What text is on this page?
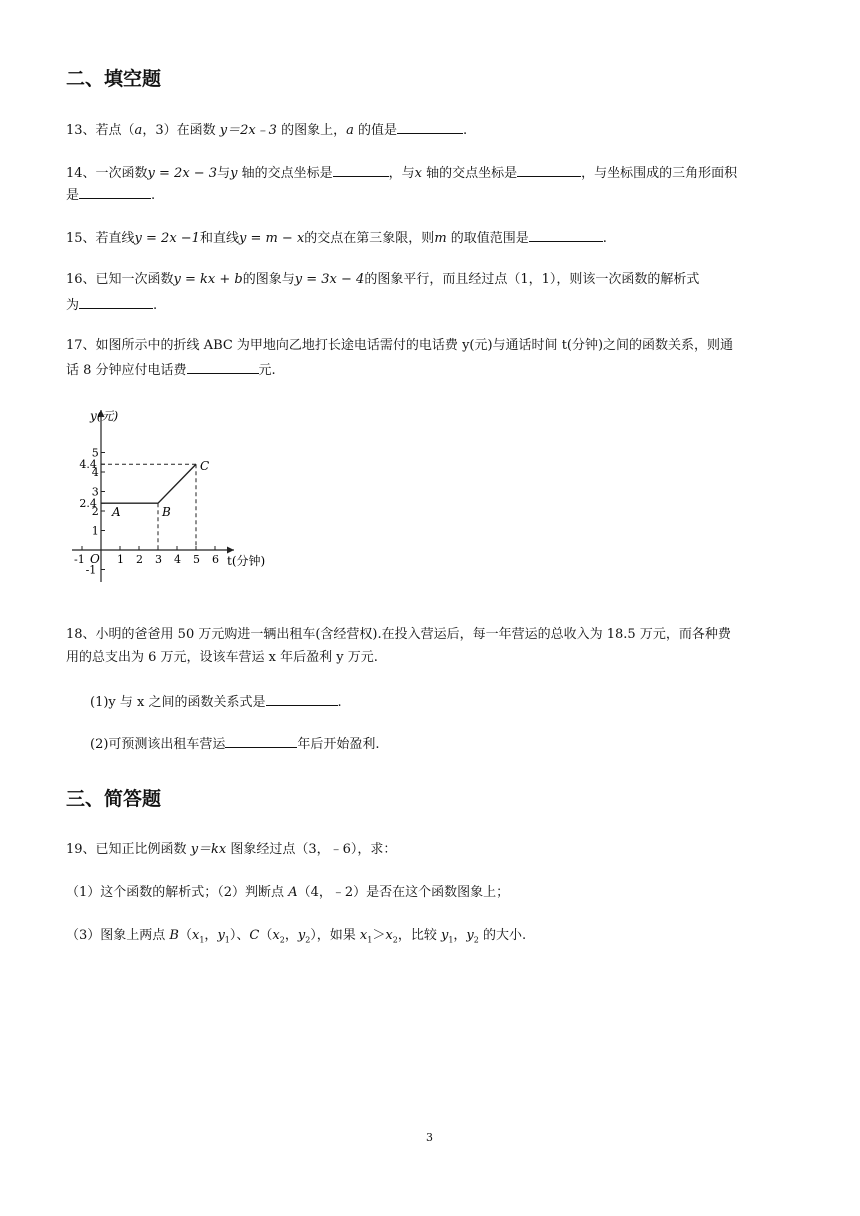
二、填空题
13、若点（a，3）在函数 y＝2x﹣3 的图象上，a 的值是	.
14、一次函数y = 2x − 3与y 轴的交点坐标是	，与x 轴的交点坐标是	，与坐标围成的三角形面积
是	.
15、若直线y = 2x −1和直线y = m − x的交点在第三象限，则m 的取值范围是	.
16、已知一次函数y = kx + b的图象与y = 3x − 4的图象平行，而且经过点（1，1），则该一次函数的解析式
为	.
17、如图所示中的折线 ABC 为甲地向乙地打长途电话需付的电话费 y(元)与通话时间 t(分钟)之间的函数关系，则通
话 8 分钟应付电话费	元.
-1	1 2 3 4 5 6
-1
1
2
2.4
3
4
4.4
5
A	B
C
y(元)
t(分钟)
O
18、小明的爸爸用 50 万元购进一辆出租车(含经营权).在投入营运后，每一年营运的总收入为 18.5 万元，而各种费
用的总支出为 6 万元，设该车营运 x 年后盈利 y 万元.
(1)y 与 x 之间的函数关系式是	.
(2)可预测该出租车营运	年后开始盈利.
三、简答题
19、已知正比例函数 y＝kx 图象经过点（3，﹣6），求：
（1）这个函数的解析式；（2）判断点 A（4，﹣2）是否在这个函数图象上；
（3）图象上两点 $B(x_1$，$y_1$）、$C(x_2$，$y_2$），如果 $x_1>x_2$，比较 $y_1$，$y_2$ 的大小.
3
